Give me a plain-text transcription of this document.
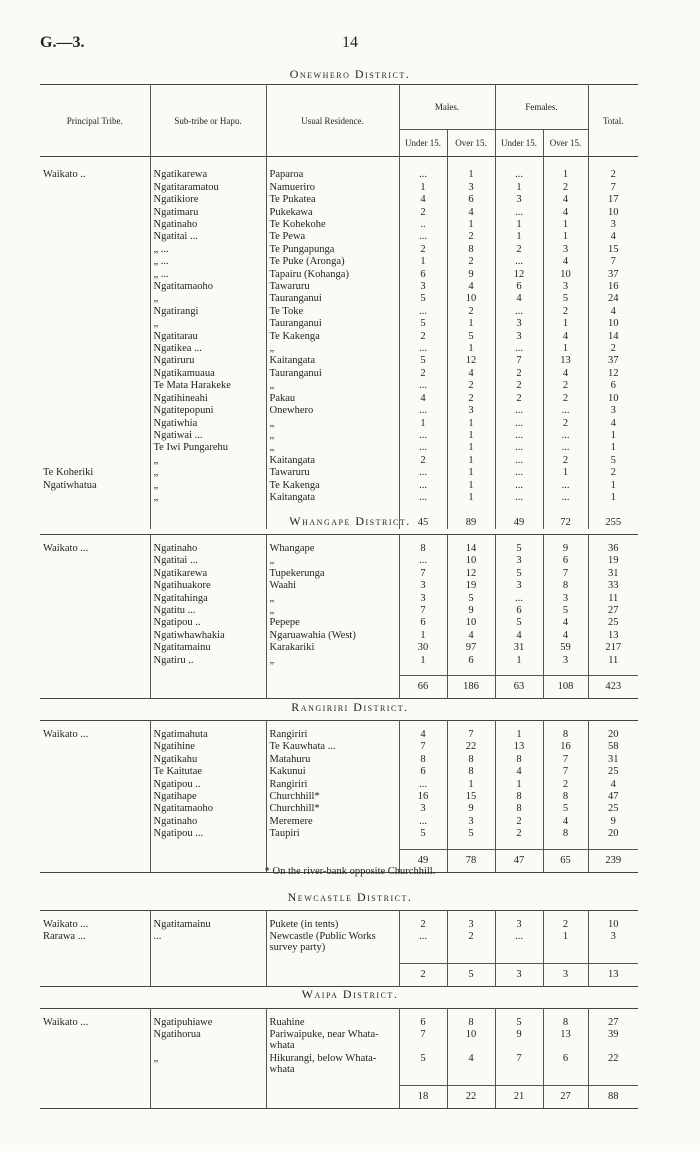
G.—3.	14
Onewhero District.
Principal Tribe.	Sub-tribe or Hapu.	Usual Residence.	Males.		Females.		Total.
			Under 15.	Over 15.	Under 15.	Over 15.	

Waikato ..	Ngatikarewa	Paparoa	...	1	...	1	2
	Ngatitaramatou	Namueriro	1	3	1	2	7
	Ngatikiore	Te Pukatea	4	6	3	4	17
	Ngatimaru	Pukekawa	2	4	...	4	10
	Ngatinaho	Te Kohekohe	..	1	1	1	3
	Ngatitai ...	Te Pewa	...	2	1	1	4
	„ ...	Te Pungapunga	2	8	2	3	15
	„ ...	Te Puke (Aronga)	1	2	...	4	7
	„ ...	Tapairu (Kohanga)	6	9	12	10	37
	Ngatitamaoho	Tawaruru	3	4	6	3	16
	„	Tauranganui	5	10	4	5	24
	Ngatirangi	Te Toke	...	2	...	2	4
	„	Tauranganui	5	1	3	1	10
	Ngatitarau	Te Kakenga	2	5	3	4	14
	Ngatikea ...	„	...	1	...	1	2
	Ngatiruru	Kaitangata	5	12	7	13	37
	Ngatikamuaua	Tauranganui	2	4	2	4	12
	Te Mata Harakeke	„	...	2	2	2	6
	Ngatihineahi	Pakau	4	2	2	2	10
	Ngatitepopuni	Onewhero	...	3	...	...	3
	Ngatiwhia	„	1	1	...	2	4
	Ngatiwai ...	„	...	1	...	...	1
	Te Iwi Pungarehu	„	...	1	...	...	1
	„	Kaitangata	2	1	...	2	5
Te Koheriki	„	Tawaruru	...	1	...	1	2
Ngatiwhatua	„	Te Kakenga	...	1	...	...	1
	„	Kaitangata	...	1	...	...	1

			45	89	49	72	255
Whangape District.

Waikato ...	Ngatinaho	Whangape	8	14	5	9	36
	Ngatitai ...	„	...	10	3	6	19
	Ngatikarewa	Tupekerunga	7	12	5	7	31
	Ngatihuakore	Waahi	3	19	3	8	33
	Ngatitahinga	„	3	5	...	3	11
	Ngatitu ...	„	7	9	6	5	27
	Ngatipou ..	Pepepe	6	10	5	4	25
	Ngatiwhawhakia	Ngaruawahia (West)	1	4	4	4	13
	Ngatitamainu	Karakariki	30	97	31	59	217
	Ngatiru ..	„	1	6	1	3	11

			66	186	63	108	423
Rangiriri District.

Waikato ...	Ngatimahuta	Rangiriri	4	7	1	8	20
	Ngatihine	Te Kauwhata ...	7	22	13	16	58
	Ngatikahu	Matahuru	8	8	8	7	31
	Te Kaitutae	Kakunui	6	8	4	7	25
	Ngatipou ..	Rangiriri	...	1	1	2	4
	Ngatihape	Churchhill*	16	15	8	8	47
	Ngatitamaoho	Churchhill*	3	9	8	5	25
	Ngatinaho	Meremere	...	3	2	4	9
	Ngatipou ...	Taupiri	5	5	2	8	20

			49	78	47	65	239
* On the river-bank opposite Churchhill.
Newcastle District.

Waikato ...	Ngatitamainu	Pukete (in tents)	2	3	3	2	10
Rarawa ...	...	Newcastle (Public Works survey party)	...	2	...	1	3

			2	5	3	3	13
Waipa District.

Waikato ...	Ngatipuhiawe	Ruahine	6	8	5	8	27
	Ngatihorua	Pariwaipuke, near Whata-whata	7	10	9	13	39
	„	Hikurangi, below Whata-whata	5	4	7	6	22

			18	22	21	27	88
